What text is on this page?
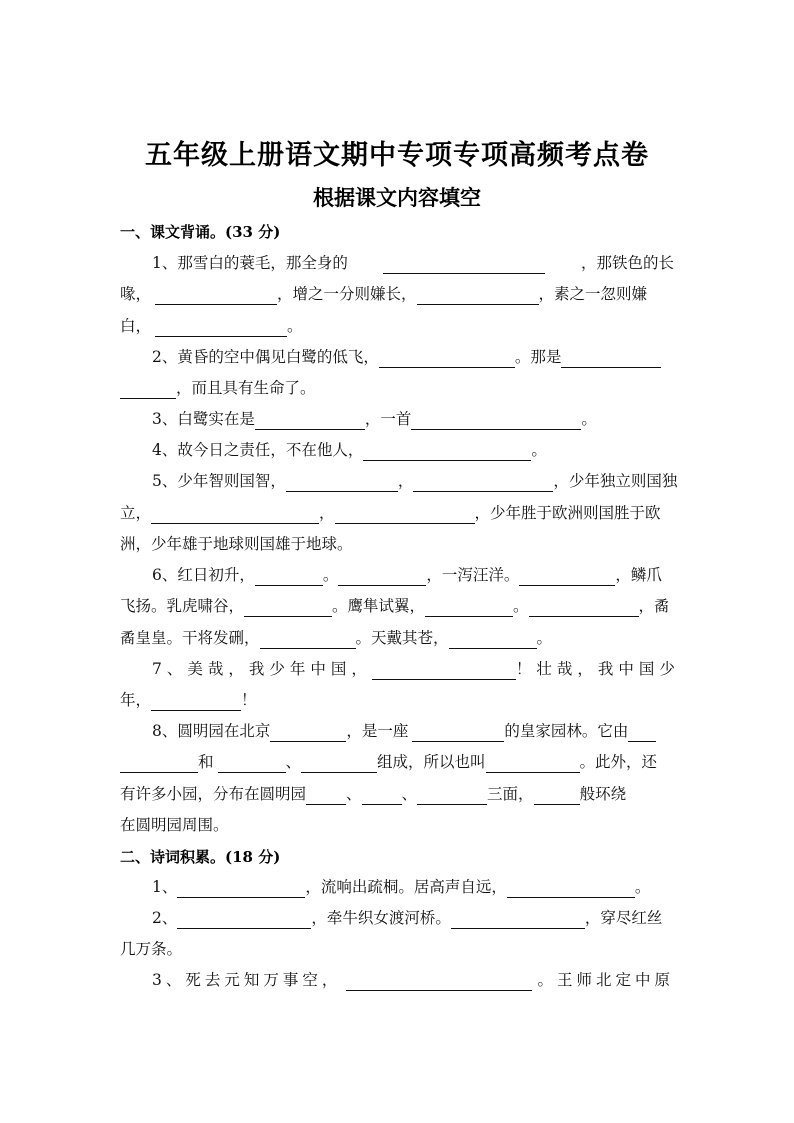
五年级上册语文期中专项专项高频考点卷
根据课文内容填空
一、课文背诵。(33 分)
1、那雪白的蓑毛，那全身的	，那铁色的长
喙，	，增之一分则嫌长，	，素之一忽则嫌
白，	。
2、黄昏的空中偶见白鹭的低飞，	。那是
，而且具有生命了。
3、白鹭实在是	，一首	。
4、故今日之责任，不在他人，	。
5、少年智则国智，	，	，少年独立则国独
立，	，	，少年胜于欧洲则国胜于欧
洲，少年雄于地球则国雄于地球。
6、红日初升，	。	，一泻汪洋。	，鳞爪
飞扬。乳虎啸谷，	。鹰隼试翼，	。	，矞
矞皇皇。干将发硎，	。天戴其苍，	。
7、美哉，我少年中国，	！壮哉，我中国少
年，	！
8、圆明园在北京	，是一座	的皇家园林。它由
和	、	组成，所以也叫	。此外，还
有许多小园，分布在圆明园	、	、	三面，	般环绕
在圆明园周围。
二、诗词积累。(18 分)
1、	，流响出疏桐。居高声自远，	。
2、	，牵牛织女渡河桥。	，穿尽红丝
几万条。
3、死去元知万事空，	。王师北定中原
